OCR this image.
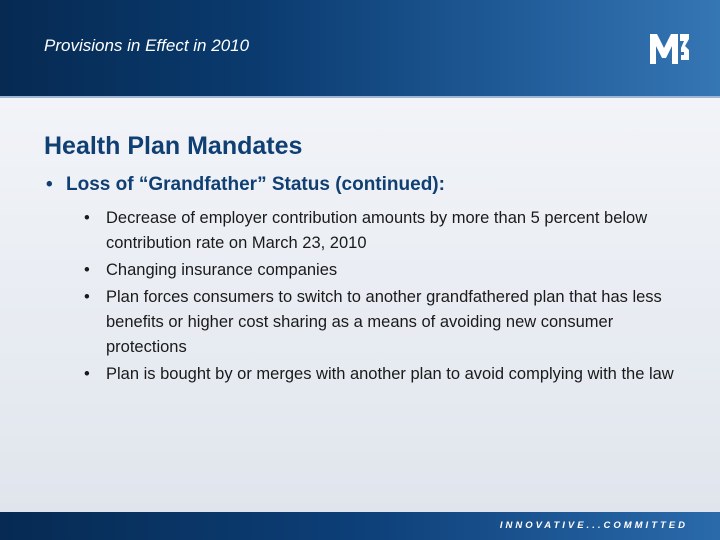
Provisions in Effect in 2010
Health Plan Mandates
• Loss of “Grandfather” Status (continued):
• Decrease of employer contribution amounts by more than 5 percent below contribution rate on March 23, 2010
• Changing insurance companies
• Plan forces consumers to switch to another grandfathered plan that has less benefits or higher cost sharing as a means of avoiding new consumer protections
• Plan is bought by or merges with another plan to avoid complying with the law
INNOVATIVE...COMMITTED
